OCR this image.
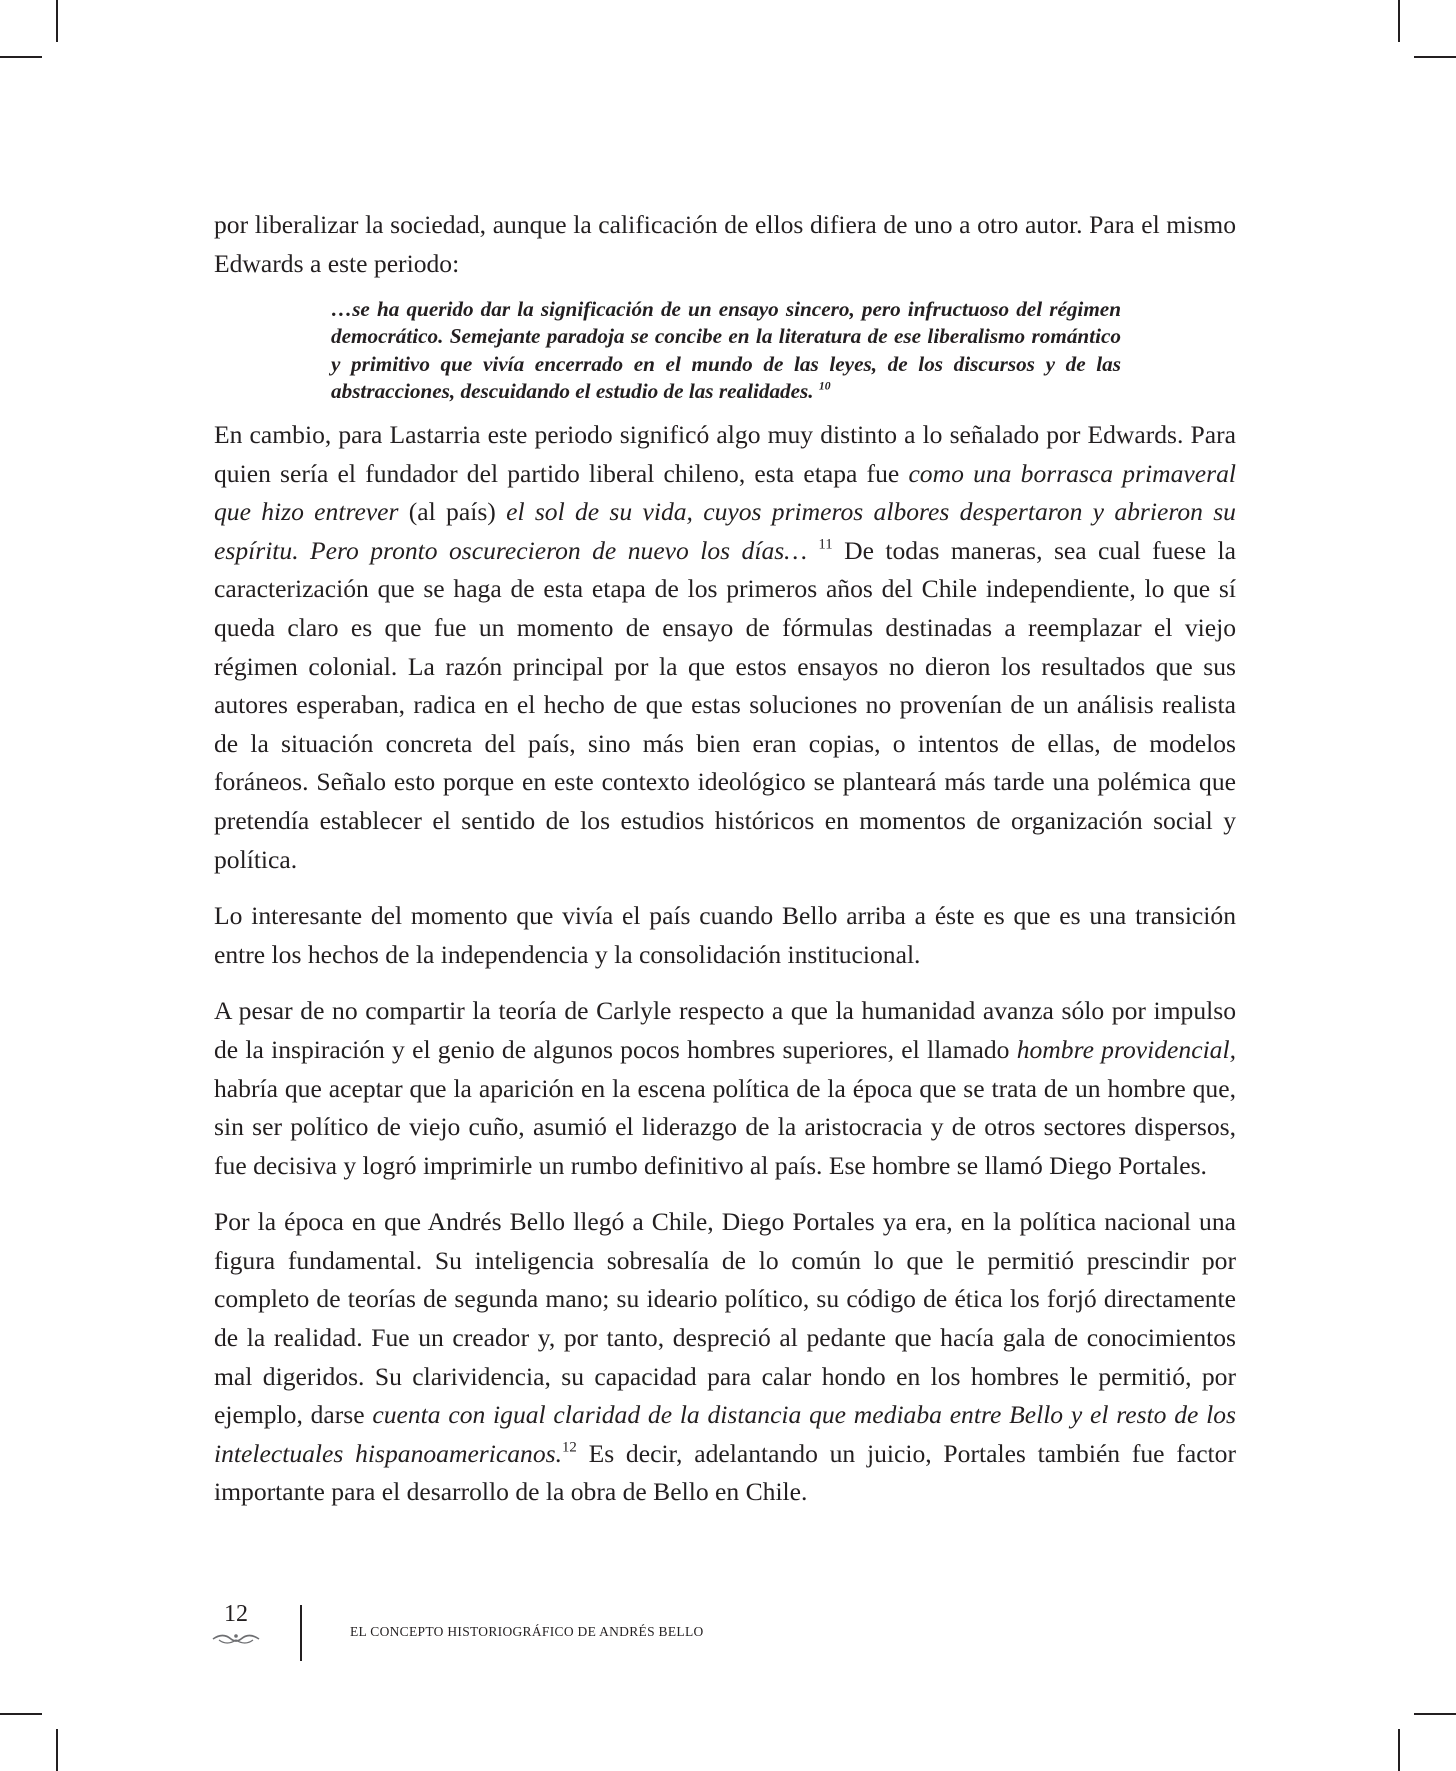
por liberalizar la sociedad, aunque la calificación de ellos difiera de uno a otro autor. Para el mismo Edwards a este periodo:

…se ha querido dar la significación de un ensayo sincero, pero infructuoso del régimen democrático. Semejante paradoja se concibe en la literatura de ese liberalismo romántico y primitivo que vivía encerrado en el mundo de las leyes, de los discursos y de las abstracciones, descuidando el estudio de las realidades. $^{10}$

En cambio, para Lastarria este periodo significó algo muy distinto a lo señalado por Edwards. Para quien sería el fundador del partido liberal chileno, esta etapa fue como una borrasca primaveral que hizo entrever (al país) el sol de su vida, cuyos primeros albores despertaron y abrieron su espíritu. Pero pronto oscurecieron de nuevo los días… $^{11}$ De todas maneras, sea cual fuese la caracterización que se haga de esta etapa de los primeros años del Chile independiente, lo que sí queda claro es que fue un momento de ensayo de fórmulas destinadas a reemplazar el viejo régimen colonial. La razón principal por la que estos ensayos no dieron los resultados que sus autores esperaban, radica en el hecho de que estas soluciones no provenían de un análisis realista de la situación concreta del país, sino más bien eran copias, o intentos de ellas, de modelos foráneos. Señalo esto porque en este contexto ideológico se planteará más tarde una polémica que pretendía establecer el sentido de los estudios históricos en momentos de organización social y política.

Lo interesante del momento que vivía el país cuando Bello arriba a éste es que es una transición entre los hechos de la independencia y la consolidación institucional.

A pesar de no compartir la teoría de Carlyle respecto a que la humanidad avanza sólo por impulso de la inspiración y el genio de algunos pocos hombres superiores, el llamado hombre providencial, habría que aceptar que la aparición en la escena política de la época que se trata de un hombre que, sin ser político de viejo cuño, asumió el liderazgo de la aristocracia y de otros sectores dispersos, fue decisiva y logró imprimirle un rumbo definitivo al país. Ese hombre se llamó Diego Portales.

Por la época en que Andrés Bello llegó a Chile, Diego Portales ya era, en la política nacional una figura fundamental. Su inteligencia sobresalía de lo común lo que le permitió prescindir por completo de teorías de segunda mano; su ideario político, su código de ética los forjó directamente de la realidad. Fue un creador y, por tanto, despreció al pedante que hacía gala de conocimientos mal digeridos. Su clarividencia, su capacidad para calar hondo en los hombres le permitió, por ejemplo, darse cuenta con igual claridad de la distancia que mediaba entre Bello y el resto de los intelectuales hispanoamericanos.$^{12}$ Es decir, adelantando un juicio, Portales también fue factor importante para el desarrollo de la obra de Bello en Chile.

12
EL CONCEPTO HISTORIOGRÁFICO DE ANDRÉS BELLO
